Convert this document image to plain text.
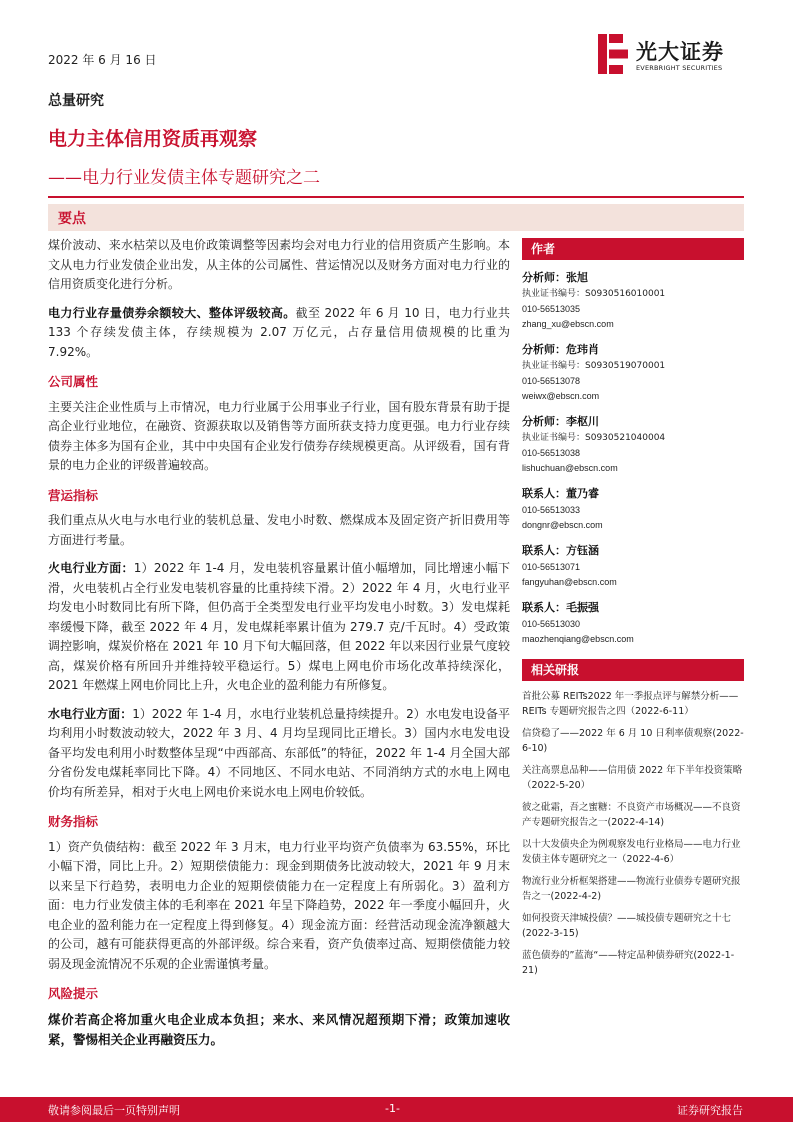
2022 年 6 月 16 日	光大证券
EVERBRIGHT SECURITIES
总量研究
电力主体信用资质再观察
——电力行业发债主体专题研究之二
要点

煤价波动、来水枯荣以及电价政策调整等因素均会对电力行业的信用资质产生影响。本文从电力行业发债企业出发，从主体的公司属性、营运情况以及财务方面对电力行业的信用资质变化进行分析。

电力行业存量债券余额较大、整体评级较高。截至 2022 年 6 月 10 日，电力行业共 133 个存续发债主体，存续规模为 2.07 万亿元，占存量信用债规模的比重为 7.92%。

公司属性

主要关注企业性质与上市情况，电力行业属于公用事业子行业，国有股东背景有助于提高企业行业地位，在融资、资源获取以及销售等方面所获支持力度更强。电力行业存续债券主体多为国有企业，其中中央国有企业发行债券存续规模更高。从评级看，国有背景的电力企业的评级普遍较高。

营运指标

我们重点从火电与水电行业的装机总量、发电小时数、燃煤成本及固定资产折旧费用等方面进行考量。

火电行业方面：1）2022 年 1-4 月，发电装机容量累计值小幅增加，同比增速小幅下滑，火电装机占全行业发电装机容量的比重持续下滑。2）2022 年 4 月，火电行业平均发电小时数同比有所下降，但仍高于全类型发电行业平均发电小时数。3）发电煤耗率缓慢下降，截至 2022 年 4 月，发电煤耗率累计值为 279.7 克/千瓦时。4）受政策调控影响，煤炭价格在 2021 年 10 月下旬大幅回落，但 2022 年以来因行业景气度较高，煤炭价格有所回升并维持较平稳运行。5）煤电上网电价市场化改革持续深化，2021 年燃煤上网电价同比上升，火电企业的盈利能力有所修复。

水电行业方面：1）2022 年 1-4 月，水电行业装机总量持续提升。2）水电发电设备平均利用小时数波动较大，2022 年 3 月、4 月均呈现同比正增长。3）国内水电发电设备平均发电利用小时数整体呈现“中西部高、东部低”的特征，2022 年 1-4 月全国大部分省份发电煤耗率同比下降。4）不同地区、不同水电站、不同消纳方式的水电上网电价均有所差异，相对于火电上网电价来说水电上网电价较低。

财务指标

1）资产负债结构：截至 2022 年 3 月末，电力行业平均资产负债率为 63.55%，环比小幅下滑，同比上升。2）短期偿债能力：现金到期债务比波动较大，2021 年 9 月末以来呈下行趋势，表明电力企业的短期偿债能力在一定程度上有所弱化。3）盈利方面：电力行业发债主体的毛利率在 2021 年呈下降趋势，2022 年一季度小幅回升，火电企业的盈利能力在一定程度上得到修复。4）现金流方面：经营活动现金流净额越大的公司，越有可能获得更高的外部评级。综合来看，资产负债率过高、短期偿债能力较弱及现金流情况不乐观的企业需谨慎考量。

风险提示

煤价若高企将加重火电企业成本负担；来水、来风情况超预期下滑；政策加速收紧，警惕相关企业再融资压力。

作者
分析师：张旭
执业证书编号：S0930516010001
010-56513035
zhang_xu@ebscn.com
分析师：危玮肖
执业证书编号：S0930519070001
010-56513078
weiwx@ebscn.com
分析师：李枢川
执业证书编号：S0930521040004
010-56513038
lishuchuan@ebscn.com
联系人：董乃睿
010-56513033
dongnr@ebscn.com
联系人：方钰涵
010-56513071
fangyuhan@ebscn.com
联系人：毛振强
010-56513030
maozhenqiang@ebscn.com
相关研报
首批公募 REITs2022 年一季报点评与解禁分析——REITs 专题研究报告之四（2022-6-11）
信贷稳了——2022 年 6 月 10 日利率债观察(2022-6-10)
关注高票息品种——信用债 2022 年下半年投资策略（2022-5-20）
彼之砒霜，吾之蜜糖：不良资产市场概况——不良资产专题研究报告之一(2022-4-14)
以十大发债央企为例观察发电行业格局——电力行业发债主体专题研究之一（2022-4-6）
物流行业分析框架搭建——物流行业债券专题研究报告之一(2022-4-2)
如何投资天津城投债？——城投债专题研究之十七(2022-3-15)
蓝色债券的”蓝海“——特定品种债券研究(2022-1-21)
敬请参阅最后一页特别声明	-1-	证券研究报告
